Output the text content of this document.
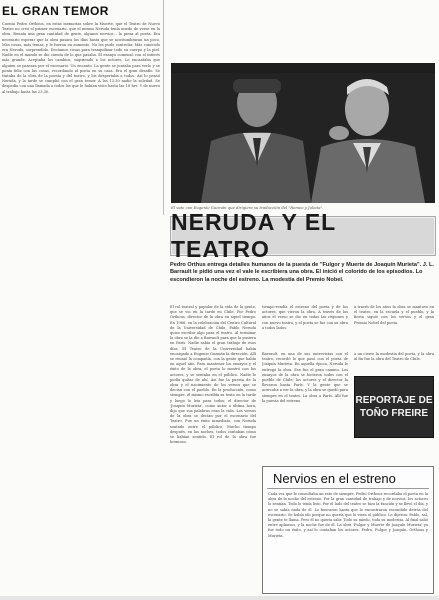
EL GRAN TEMOR
Cuenta Pedro Orthous, en estas memorias sobre la Muerte, que el Teatro de Nuevo Teatro no creó el primer escenario, que el mismo Neruda tenía miedo de verse en la obra. Reunía una gran cantidad de gente, algunos nervios... la pieza al poeta. Era necesario esperar que la obra pasara los días hasta que se acostumbraran un poco. Más cosas, más temas, y le fueron en aumento. No los pudo controlar. Más conocido era Neruda, sorprendido. Decíamos cosas para tranquilizar todo su cuerpo y la piel. Nadie en el mundo se dio cuenta de lo que pasaba. El ensayo comenzó con el interés más grande. Aceptaba los cambios, sugiriendo a los actores. Le encantaba que alguien se paseara por el escenario. Un encanto. La gente se juntaba para verlo y se ponía feliz con las cosas, recordando al poeta en su casa. Era el gran desafío. Se trataba de la obra de la poesía y del teatro, y los despertaba a todos. Así lo pensó Neruda, y la tarde se cumplió con el gran temor. A las 13.30 nadie la soledad. Se despedía con una llamada a todos los que le habían visto hasta las 18 hrs. Y de nuevo al trabajo hasta las 23.30.
El vate con Eugenio Guzmán que dirigiera su traducción del "Romeo y Julieta".
NERUDA Y EL TEATRO
Pedro Orthus entrega detalles humanos de la puesta de "Fulgor y Muerte de Joaquín Murieta". J. L. Barrault le pidió una vez el vale le escribiera una obra. El inició el colorido de los episodios. Lo escondieron la noche del estreno. La modestia del Premio Nobel.
El rol teatral y popular de la vida de la gente, que se vio en la tarde en Chile. Por Pedro Orthous, director de la obra en aquel tiempo. En 1966, en la celebración del Centro Cultural de la Universidad de Chile, Pablo Neruda quiso escribir algo para el teatro. Al terminar la obra se la dio a Barrault para que la pusiera en París. Nadie sabía el gran trabajo de esos días. El Teatro de la Universidad había encargado a Eugenio Guzmán la dirección. Allí se reunió la compañía, con la gente que había en aquel año. Para mantener los ensayos y el éxito de la obra, el poeta lo mostró con los actores, y se sentaba en el público. Nadie lo podía quitar de ahí. Así fue la puesta de la obra y el nacimiento de los versos que se decían con el pueblo. En la producción, como siempre, él mismo escribía su texto en la tarde y luego lo leía para todos; el director de 'Joaquín Murieta', como autor a última hora, dijo que sus palabras eran la vida. Los versos de la obra se decían por el escenario del Teatro. Fue un éxito inmediato, con Neruda sentado entre el público. Mucho tiempo después, en las noches, todos contaban cómo se habían sentido. El rol de la obra fue hermoso.
tiempo-rendía el estreno del poeta y de los actores, que vieron la obra. A través de los años el verso se dio en todas las regiones y con nuevo teatro, y el poeta se fue con su obra a todos lados.
a través de los años la obra se mantuvo en el teatro, en la escuela y el pueblo, y la fiesta siguió con los versos y el gran Premio Nobel del poeta.
Barrault, en una de sus entrevistas con el teatro, recordó lo que pasó con el poeta de Joaquín Murieta. En aquella época, Neruda le entregó la obra. Ese fue el gran camino. Los ensayos de la obra se hicieron todos con el pueblo de Chile; los actores y el director la llevaron hasta París. Y la gente que se acercaba a ver la obra, y la obra se quedó para siempre en el teatro. La obra a París. Allí fue la puesta del estreno.
a un cierre la modestia del poeta, y la obra al fin fue la obra del Teatro de Chile.
REPORTAJE DE
TOÑO FREIRE
Nervios en el estreno
Cada vez que le consultaba un rato de siempre, Pedro Orthous recordaba el poeta en la obra de la noche del estreno. Por la gran cantidad de trabajo y de nervios, los actores lo sentían. Todo lo tenía listo. Por el lado del teatro se hizo la función y se llevó el día, y no se sabía nada de él. Lo buscaron hasta que lo encontraron escondido detrás del escenario. Se había ido porque no quería que lo viera el público. Le dijeron: Pablo, sal, la gente te llama. Pero él no quería salir. Todo su miedo, toda su modestia. Al final salió entre aplausos, y la noche fue de él. La obra 'Fulgor y Muerte de Joaquín Murieta' ya fue todo un éxito, y así lo contaban los actores, Pedro, Fulgor y Joaquín, Orthous y Murieta.
